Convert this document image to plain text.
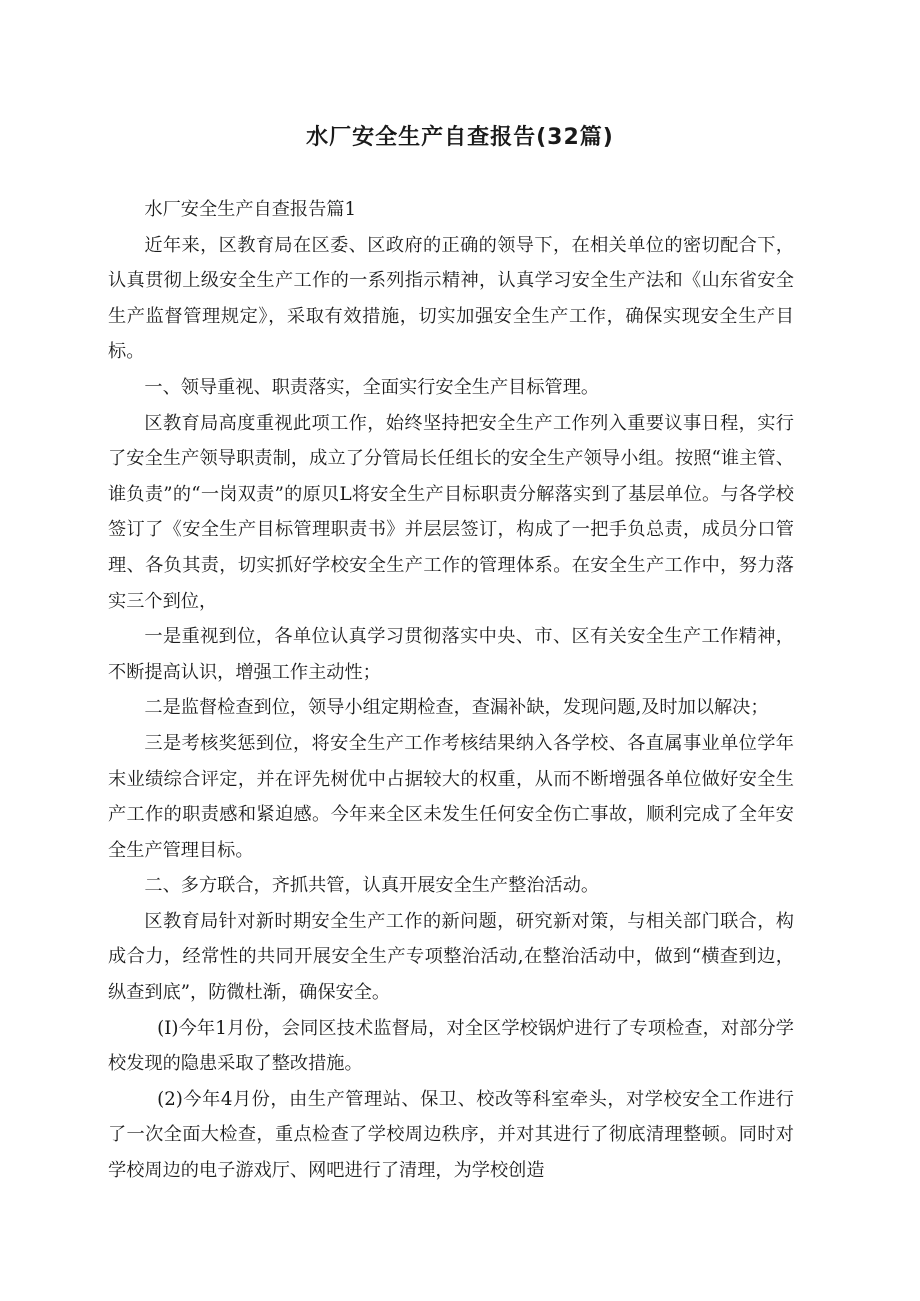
水厂安全生产自查报告(32篇)

水厂安全生产自查报告篇1

近年来，区教育局在区委、区政府的正确的领导下，在相关单位的密切配合下，认真贯彻上级安全生产工作的一系列指示精神，认真学习安全生产法和《山东省安全生产监督管理规定》，采取有效措施，切实加强安全生产工作，确保实现安全生产目标。

一、领导重视、职责落实，全面实行安全生产目标管理。

区教育局高度重视此项工作，始终坚持把安全生产工作列入重要议事日程，实行了安全生产领导职责制，成立了分管局长任组长的安全生产领导小组。按照“谁主管、谁负责”的“一岗双责”的原贝L将安全生产目标职责分解落实到了基层单位。与各学校签订了《安全生产目标管理职责书》并层层签订，构成了一把手负总责，成员分口管理、各负其责，切实抓好学校安全生产工作的管理体系。在安全生产工作中，努力落实三个到位，

一是重视到位，各单位认真学习贯彻落实中央、市、区有关安全生产工作精神，不断提高认识，增强工作主动性；

二是监督检查到位，领导小组定期检查，查漏补缺，发现问题,及时加以解决；

三是考核奖惩到位，将安全生产工作考核结果纳入各学校、各直属事业单位学年末业绩综合评定，并在评先树优中占据较大的权重，从而不断增强各单位做好安全生产工作的职责感和紧迫感。今年来全区未发生任何安全伤亡事故，顺利完成了全年安全生产管理目标。

二、多方联合，齐抓共管，认真开展安全生产整治活动。

区教育局针对新时期安全生产工作的新问题，研究新对策，与相关部门联合，构成合力，经常性的共同开展安全生产专项整治活动,在整治活动中，做到“横查到边，纵查到底”，防微杜渐，确保安全。

(I)今年1月份，会同区技术监督局，对全区学校锅炉进行了专项检查，对部分学校发现的隐患采取了整改措施。

(2)今年4月份，由生产管理站、保卫、校改等科室牵头，对学校安全工作进行了一次全面大检查，重点检查了学校周边秩序，并对其进行了彻底清理整顿。同时对学校周边的电子游戏厅、网吧进行了清理，为学校创造
